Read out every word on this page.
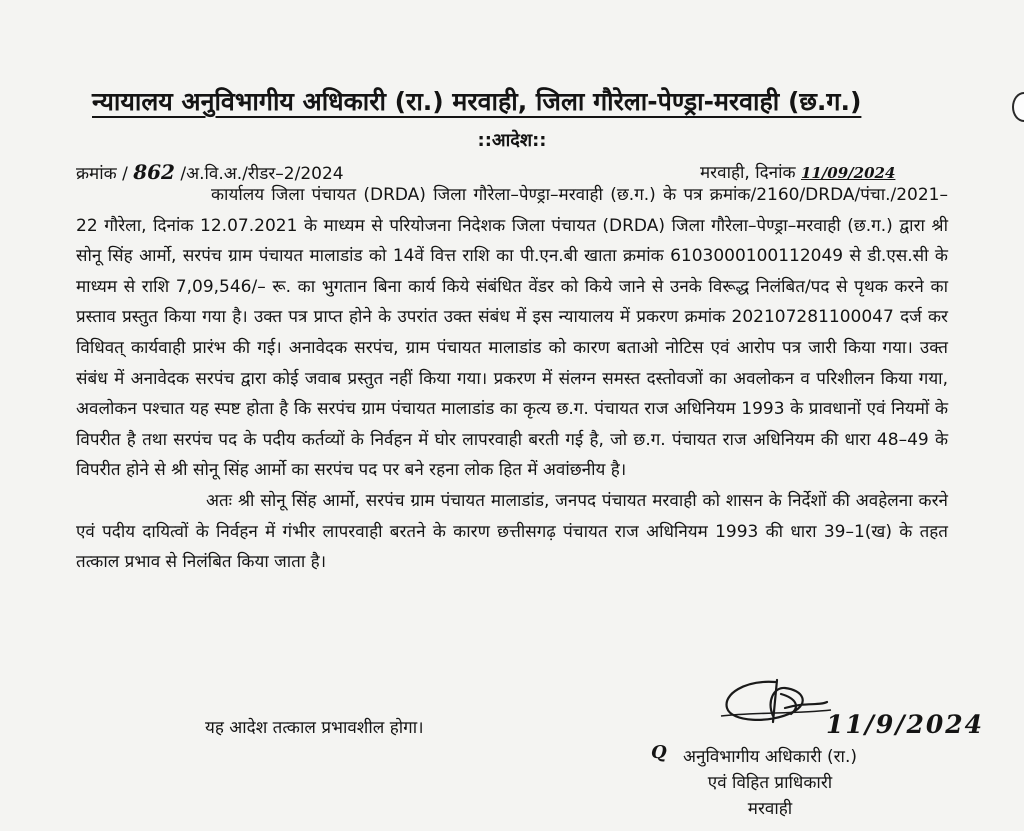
न्यायालय अनुविभागीय अधिकारी (रा.) मरवाही, जिला गौरेला-पेण्ड्रा-मरवाही (छ.ग.)
::आदेश::
क्रमांक / 862 /अ.वि.अ./रीडर–2/2024	मरवाही, दिनांक 11/09/2024

कार्यालय जिला पंचायत (DRDA) जिला गौरेला–पेण्ड्रा–मरवाही (छ.ग.) के पत्र क्रमांक/2160/DRDA/पंचा./2021–22 गौरेला, दिनांक 12.07.2021 के माध्यम से परियोजना निदेशक जिला पंचायत (DRDA) जिला गौरेला–पेण्ड्रा–मरवाही (छ.ग.) द्वारा श्री सोनू सिंह आर्मो, सरपंच ग्राम पंचायत मालाडांड को 14वें वित्त राशि का पी.एन.बी खाता क्रमांक 6103000100112049 से डी.एस.सी के माध्यम से राशि 7,09,546/– रू. का भुगतान बिना कार्य किये संबंधित वेंडर को किये जाने से उनके विरूद्ध निलंबित/पद से पृथक करने का प्रस्ताव प्रस्तुत किया गया है। उक्त पत्र प्राप्त होने के उपरांत उक्त संबंध में इस न्यायालय में प्रकरण क्रमांक 202107281100047 दर्ज कर विधिवत् कार्यवाही प्रारंभ की गई। अनावेदक सरपंच, ग्राम पंचायत मालाडांड को कारण बताओ नोटिस एवं आरोप पत्र जारी किया गया। उक्त संबंध में अनावेदक सरपंच द्वारा कोई जवाब प्रस्तुत नहीं किया गया। प्रकरण में संलग्न समस्त दस्तोवजों का अवलोकन व परिशीलन किया गया, अवलोकन पश्चात यह स्पष्ट होता है कि सरपंच ग्राम पंचायत मालाडांड का कृत्य छ.ग. पंचायत राज अधिनियम 1993 के प्रावधानों एवं नियमों के विपरीत है तथा सरपंच पद के पदीय कर्तव्यों के निर्वहन में घोर लापरवाही बरती गई है, जो छ.ग. पंचायत राज अधिनियम की धारा 48–49 के विपरीत होने से श्री सोनू सिंह आर्मो का सरपंच पद पर बने रहना लोक हित में अवांछनीय है।

अतः श्री सोनू सिंह आर्मो, सरपंच ग्राम पंचायत मालाडांड, जनपद पंचायत मरवाही को शासन के निर्देशों की अवहेलना करने एवं पदीय दायित्वों के निर्वहन में गंभीर लापरवाही बरतने के कारण छत्तीसगढ़ पंचायत राज अधिनियम 1993 की धारा 39–1(ख) के तहत तत्काल प्रभाव से निलंबित किया जाता है।

यह आदेश तत्काल प्रभावशील होगा।	11/9/2024
Q अनुविभागीय अधिकारी (रा.)
एवं विहित प्राधिकारी
मरवाही
